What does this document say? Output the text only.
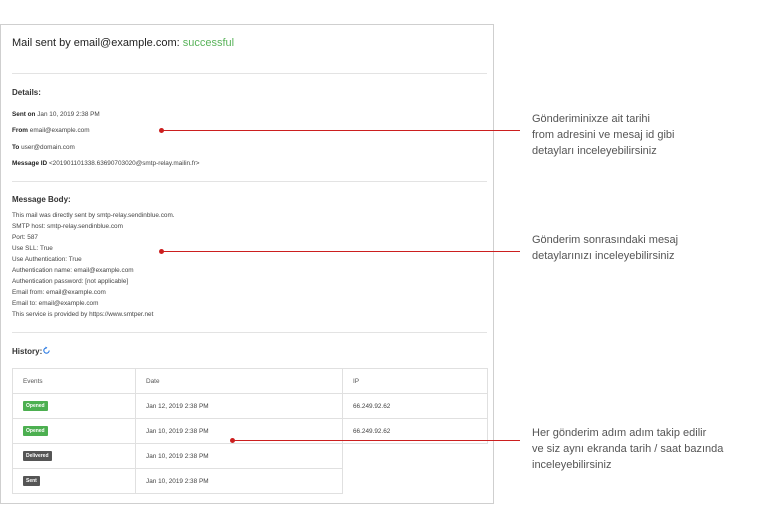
Mail sent by email@example.com: successful
Details:
Sent on Jan 10, 2019 2:38 PM
From email@example.com
To user@domain.com
Message ID <201901101338.63690703020@smtp-relay.mailin.fr>
Message Body:
This mail was directly sent by smtp-relay.sendinblue.com.
SMTP host: smtp-relay.sendinblue.com
Port: 587
Use SLL: True
Use Authentication: True
Authentication name: email@example.com
Authentication password: [not applicable]
Email from: email@example.com
Email to: email@example.com
This service is provided by https://www.smtper.net
History:
Events	Date	IP
Opened	Jan 12, 2019 2:38 PM	66.249.92.62
Opened	Jan 10, 2019 2:38 PM	66.249.92.62
Delivered	Jan 10, 2019 2:38 PM	
Sent	Jan 10, 2019 2:38 PM	
Gönderiminixze ait tarihi
from adresini ve mesaj id gibi
detayları inceleyebilirsiniz
Gönderim sonrasındaki mesaj
detaylarınızı inceleyebilirsiniz
Her gönderim adım adım takip edilir
ve siz aynı ekranda tarih / saat bazında
inceleyebilirsiniz
